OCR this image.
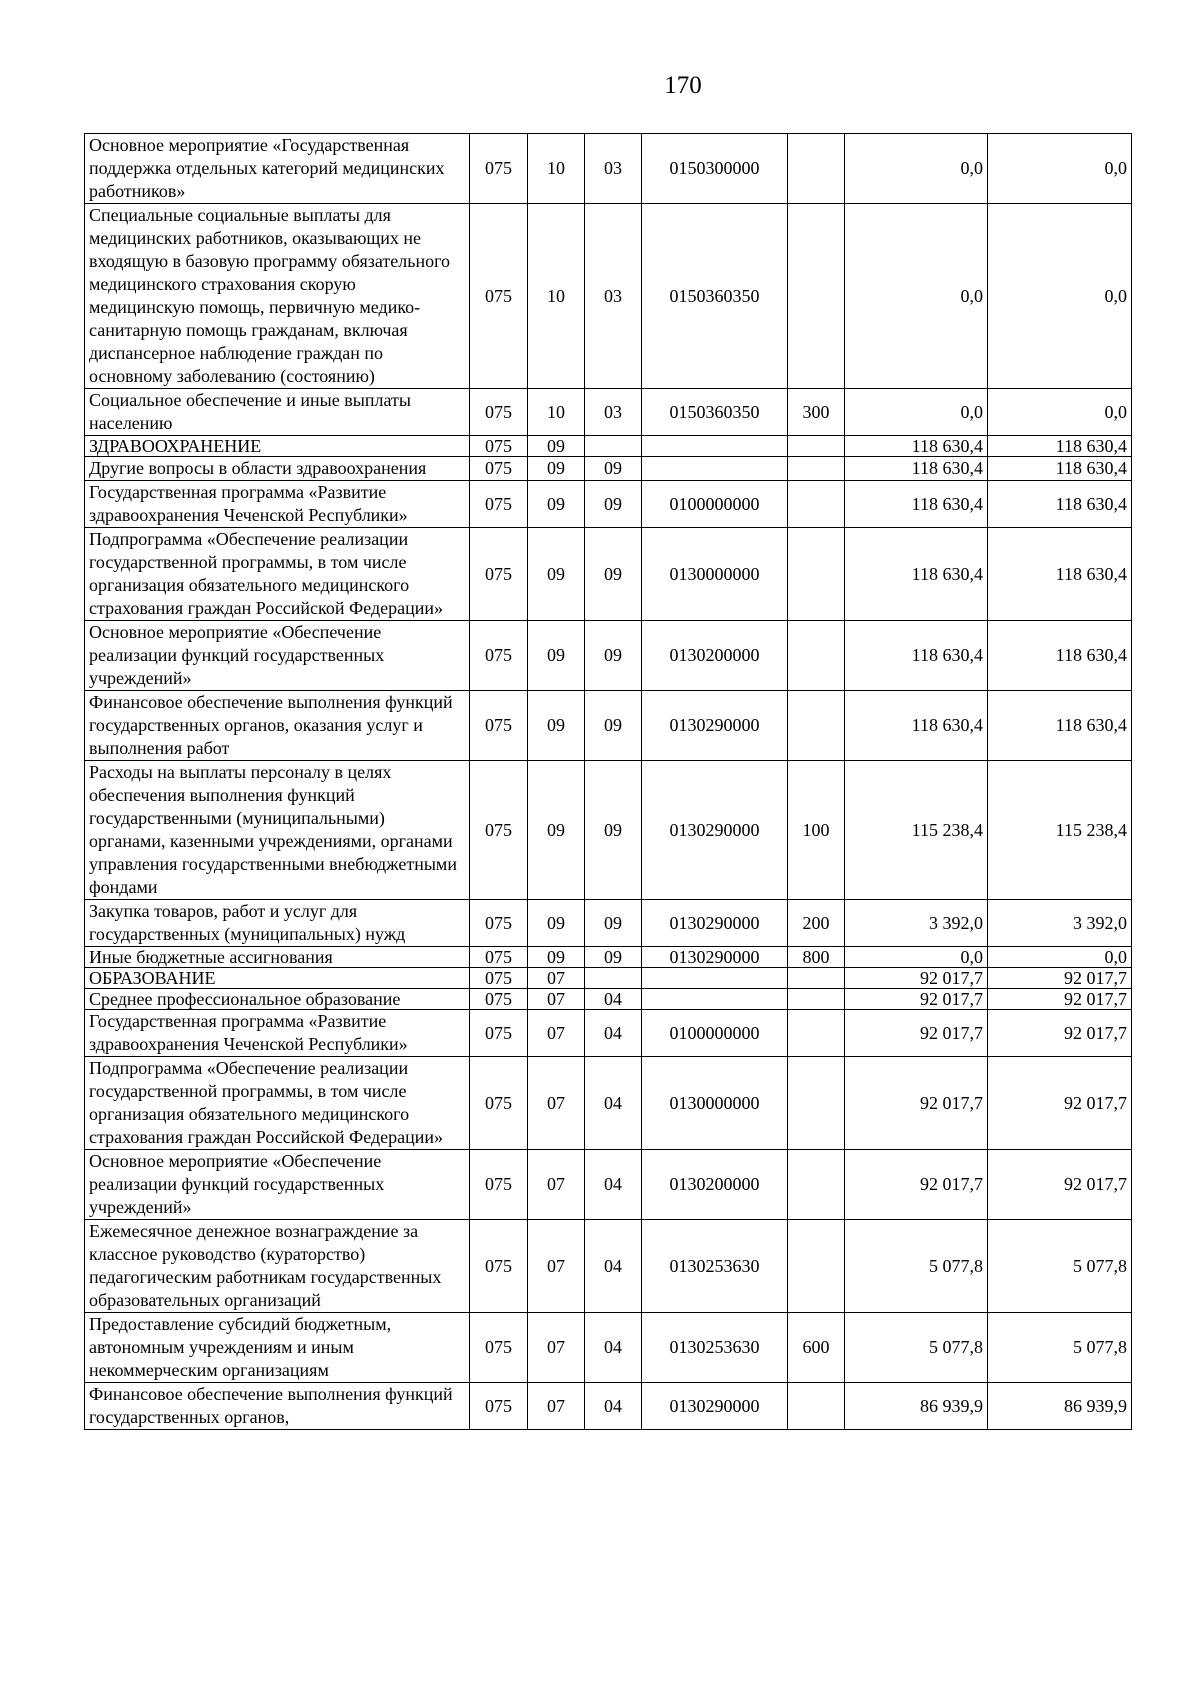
170
Основное мероприятие «Государственная поддержка отдельных категорий медицинских работников»	075	10	03	0150300000		0,0	0,0
Специальные социальные выплаты для медицинских работников, оказывающих не входящую в базовую программу обязательного медицинского страхования скорую медицинскую помощь, первичную медико-санитарную помощь гражданам, включая диспансерное наблюдение граждан по основному заболеванию (состоянию)	075	10	03	0150360350		0,0	0,0
Социальное обеспечение и иные выплаты населению	075	10	03	0150360350	300	0,0	0,0
ЗДРАВООХРАНЕНИЕ	075	09				118 630,4	118 630,4
Другие вопросы в области здравоохранения	075	09	09			118 630,4	118 630,4
Государственная программа «Развитие здравоохранения Чеченской Республики»	075	09	09	0100000000		118 630,4	118 630,4
Подпрограмма «Обеспечение реализации государственной программы, в том числе организация обязательного медицинского страхования граждан Российской Федерации»	075	09	09	0130000000		118 630,4	118 630,4
Основное мероприятие «Обеспечение реализации функций государственных учреждений»	075	09	09	0130200000		118 630,4	118 630,4
Финансовое обеспечение выполнения функций государственных органов, оказания услуг и выполнения работ	075	09	09	0130290000		118 630,4	118 630,4
Расходы на выплаты персоналу в целях обеспечения выполнения функций государственными (муниципальными) органами, казенными учреждениями, органами управления государственными внебюджетными фондами	075	09	09	0130290000	100	115 238,4	115 238,4
Закупка товаров, работ и услуг для государственных (муниципальных) нужд	075	09	09	0130290000	200	3 392,0	3 392,0
Иные бюджетные ассигнования	075	09	09	0130290000	800	0,0	0,0
ОБРАЗОВАНИЕ	075	07				92 017,7	92 017,7
Среднее профессиональное образование	075	07	04			92 017,7	92 017,7
Государственная программа «Развитие здравоохранения Чеченской Республики»	075	07	04	0100000000		92 017,7	92 017,7
Подпрограмма «Обеспечение реализации государственной программы, в том числе организация обязательного медицинского страхования граждан Российской Федерации»	075	07	04	0130000000		92 017,7	92 017,7
Основное мероприятие «Обеспечение реализации функций государственных учреждений»	075	07	04	0130200000		92 017,7	92 017,7
Ежемесячное денежное вознаграждение за классное руководство (кураторство) педагогическим работникам государственных образовательных организаций	075	07	04	0130253630		5 077,8	5 077,8
Предоставление субсидий бюджетным, автономным учреждениям и иным некоммерческим организациям	075	07	04	0130253630	600	5 077,8	5 077,8
Финансовое обеспечение выполнения функций государственных органов,	075	07	04	0130290000		86 939,9	86 939,9
